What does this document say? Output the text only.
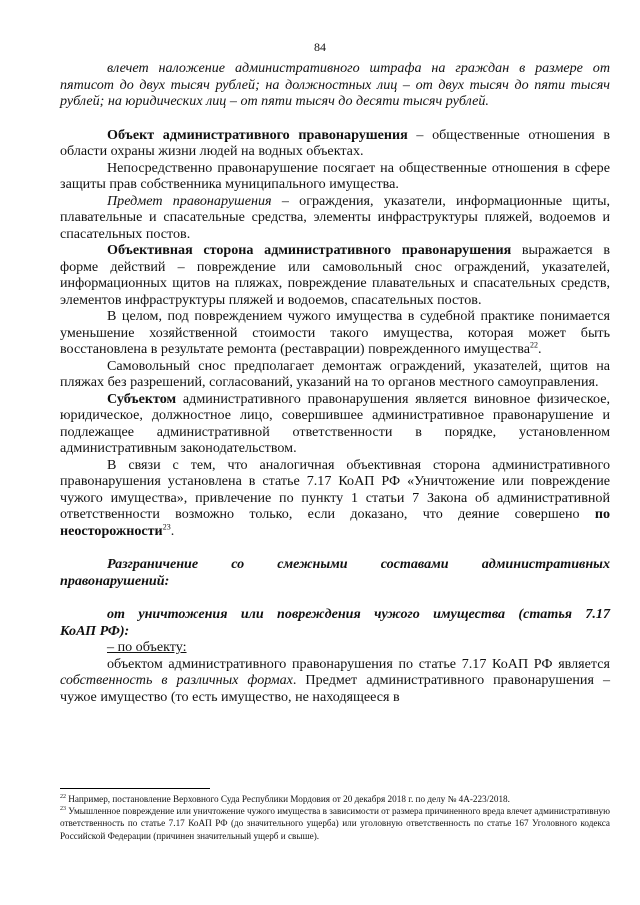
84

влечет наложение административного штрафа на граждан в размере от пятисот до двух тысяч рублей; на должностных лиц – от двух тысяч до пяти тысяч рублей; на юридических лиц – от пяти тысяч до десяти тысяч рублей.

Объект административного правонарушения – общественные отношения в области охраны жизни людей на водных объектах.

Непосредственно правонарушение посягает на общественные отношения в сфере защиты прав собственника муниципального имущества.

Предмет правонарушения – ограждения, указатели, информационные щиты, плавательные и спасательные средства, элементы инфраструктуры пляжей, водоемов и спасательных постов.

Объективная сторона административного правонарушения выражается в форме действий – повреждение или самовольный снос ограждений, указателей, информационных щитов на пляжах, повреждение плавательных и спасательных средств, элементов инфраструктуры пляжей и водоемов, спасательных постов.

В целом, под повреждением чужого имущества в судебной практике понимается уменьшение хозяйственной стоимости такого имущества, которая может быть восстановлена в результате ремонта (реставрации) поврежденного имущества$^{22}$.

Самовольный снос предполагает демонтаж ограждений, указателей, щитов на пляжах без разрешений, согласований, указаний на то органов местного самоуправления.

Субъектом административного правонарушения является виновное физическое, юридическое, должностное лицо, совершившее административное правонарушение и подлежащее административной ответственности в порядке, установленном административным законодательством.

В связи с тем, что аналогичная объективная сторона административного правонарушения установлена в статье 7.17 КоАП РФ «Уничтожение или повреждение чужого имущества», привлечение по пункту 1 статьи 7 Закона об административной ответственности возможно только, если доказано, что деяние совершено по неосторожности$^{23}$.

Разграничение со смежными составами административных
правонарушений:

от уничтожения или повреждения чужого имущества (статья 7.17

КоАП РФ):

– по объекту:

объектом административного правонарушения по статье 7.17 КоАП РФ является собственность в различных формах. Предмет административного правонарушения – чужое имущество (то есть имущество, не находящееся в

$^{22}$ Например, постановление Верховного Суда Республики Мордовия от 20 декабря 2018 г. по делу № 4А-223/2018.

$^{23}$ Умышленное повреждение или уничтожение чужого имущества в зависимости от размера причиненного вреда влечет административную ответственность по статье 7.17 КоАП РФ (до значительного ущерба) или уголовную ответственность по статье 167 Уголовного кодекса Российской Федерации (причинен значительный ущерб и свыше).
